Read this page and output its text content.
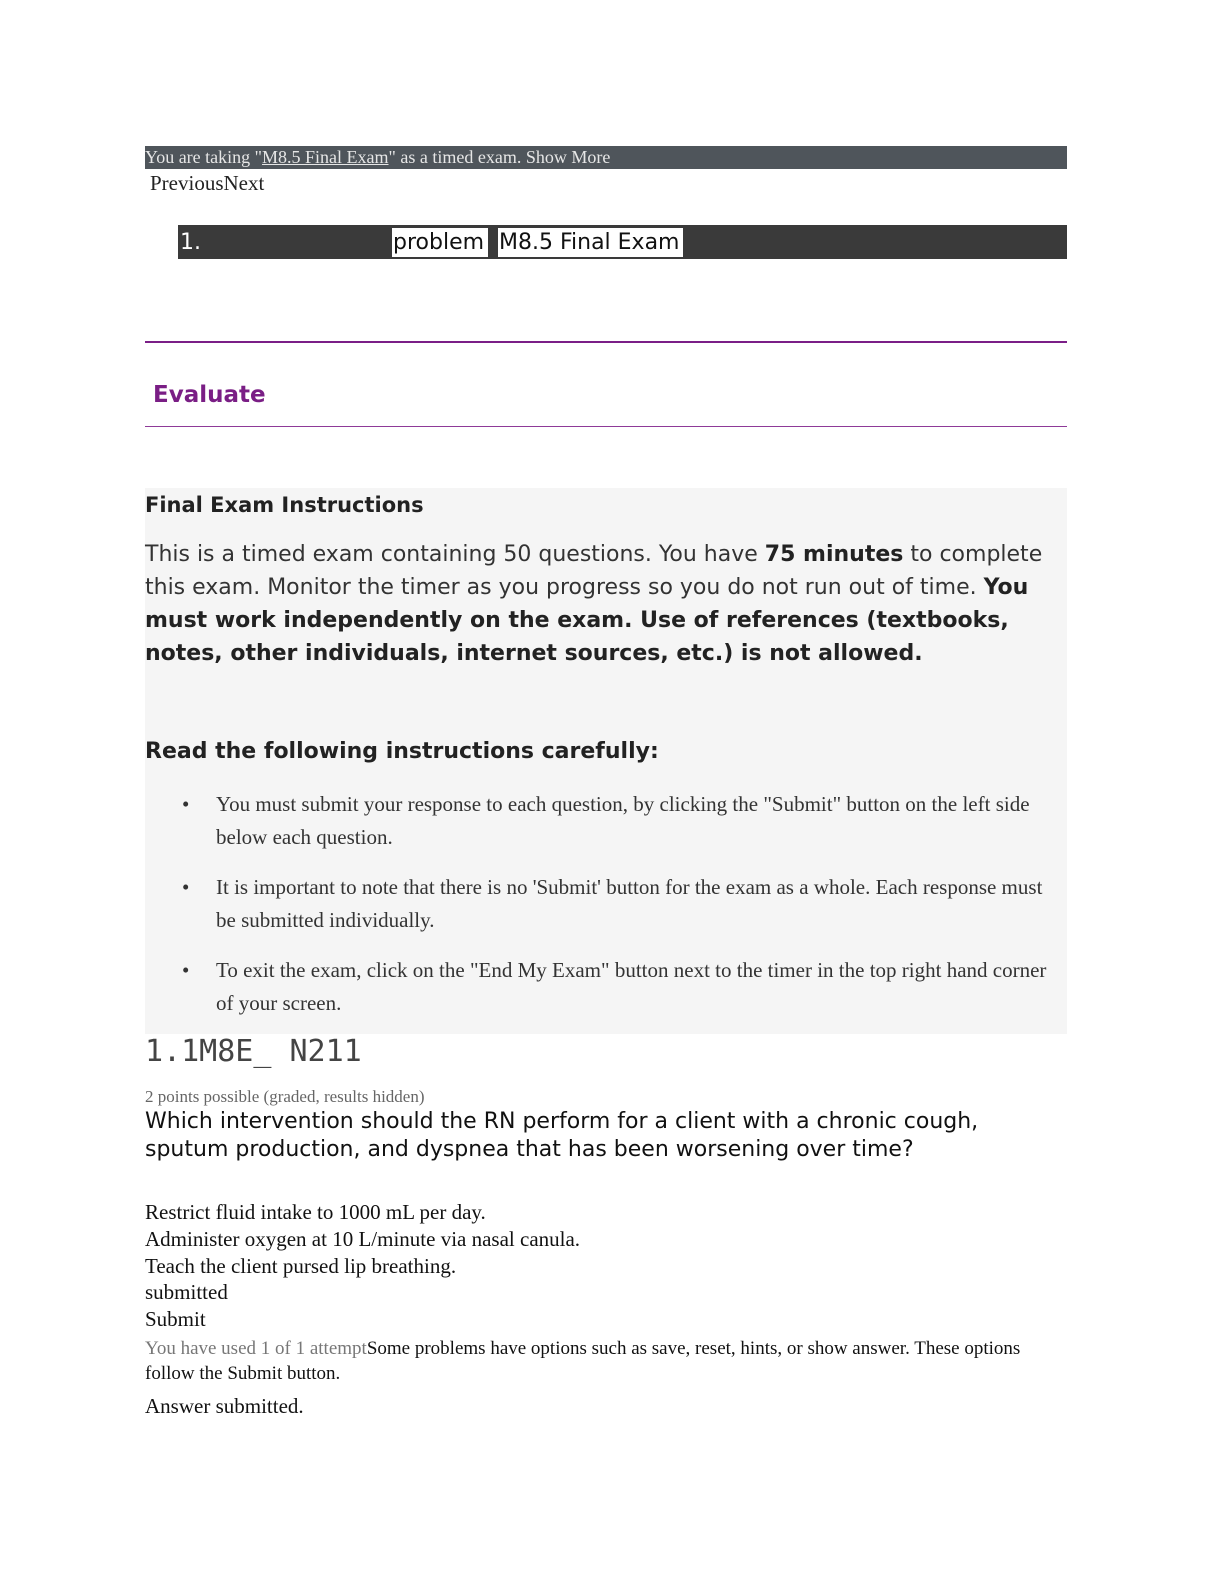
You are taking "M8.5 Final Exam" as a timed exam. Show More
PreviousNext
1.	problem M8.5 Final Exam
Evaluate
Final Exam Instructions

This is a timed exam containing 50 questions. You have 75 minutes to complete this exam. Monitor the timer as you progress so you do not run out of time. You must work independently on the exam. Use of references (textbooks, notes, other individuals, internet sources, etc.) is not allowed.

Read the following instructions carefully:
• You must submit your response to each question, by clicking the "Submit" button on the left side below each question.
• It is important to note that there is no 'Submit' button for the exam as a whole. Each response must be submitted individually.
• To exit the exam, click on the "End My Exam" button next to the timer in the top right hand corner of your screen.
1.1M8E_ N211
2 points possible (graded, results hidden)

Which intervention should the RN perform for a client with a chronic cough, sputum production, and dyspnea that has been worsening over time?

Restrict fluid intake to 1000 mL per day.
Administer oxygen at 10 L/minute via nasal canula.
Teach the client pursed lip breathing.
submitted
Submit
You have used 1 of 1 attemptSome problems have options such as save, reset, hints, or show answer. These options follow the Submit button.
Answer submitted.
